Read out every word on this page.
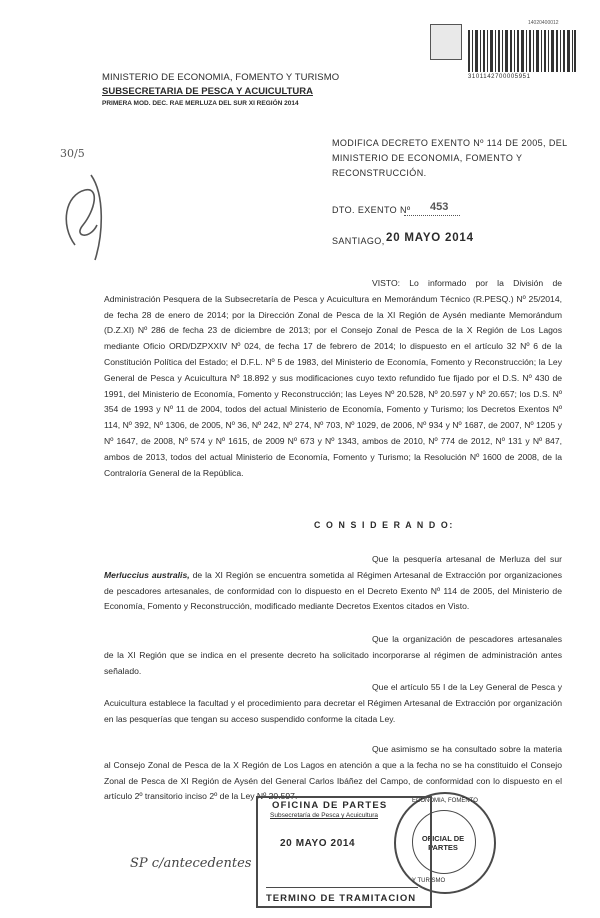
14020400012
3101142700005951
MINISTERIO DE ECONOMIA, FOMENTO Y TURISMO
SUBSECRETARIA DE PESCA Y ACUICULTURA
PRIMERA MOD. DEC. RAE MERLUZA DEL SUR XI REGIÓN 2014
30/5
MODIFICA DECRETO EXENTO Nº 114 DE 2005, DEL MINISTERIO DE ECONOMIA, FOMENTO Y RECONSTRUCCIÓN.
DTO. EXENTO Nº 453
SANTIAGO, 20 MAYO 2014
VISTO: Lo informado por la División de Administración Pesquera de la Subsecretaría de Pesca y Acuicultura en Memorándum Técnico (R.PESQ.) Nº 25/2014, de fecha 28 de enero de 2014; por la Dirección Zonal de Pesca de la XI Región de Aysén mediante Memorándum (D.Z.XI) Nº 286 de fecha 23 de diciembre de 2013; por el Consejo Zonal de Pesca de la X Región de Los Lagos mediante Oficio ORD/DZPXXIV Nº 024, de fecha 17 de febrero de 2014; lo dispuesto en el artículo 32 Nº 6 de la Constitución Política del Estado; el D.F.L. Nº 5 de 1983, del Ministerio de Economía, Fomento y Reconstrucción; la Ley General de Pesca y Acuicultura Nº 18.892 y sus modificaciones cuyo texto refundido fue fijado por el D.S. Nº 430 de 1991, del Ministerio de Economía, Fomento y Reconstrucción; las Leyes Nº 20.528, Nº 20.597 y Nº 20.657; los D.S. Nº 354 de 1993 y Nº 11 de 2004, todos del actual Ministerio de Economía, Fomento y Turismo; los Decretos Exentos Nº 114, Nº 392, Nº 1306, de 2005, Nº 36, Nº 242, Nº 274, Nº 703, Nº 1029, de 2006, Nº 934 y Nº 1687, de 2007, Nº 1205 y Nº 1647, de 2008, Nº 574 y Nº 1615, de 2009 Nº 673 y Nº 1343, ambos de 2010, Nº 774 de 2012, Nº 131 y Nº 847, ambos de 2013, todos del actual Ministerio de Economía, Fomento y Turismo; la Resolución Nº 1600 de 2008, de la Contraloría General de la República.
C O N S I D E R A N D O:
Que la pesquería artesanal de Merluza del sur Merluccius australis, de la XI Región se encuentra sometida al Régimen Artesanal de Extracción por organizaciones de pescadores artesanales, de conformidad con lo dispuesto en el Decreto Exento Nº 114 de 2005, del Ministerio de Economía, Fomento y Reconstrucción, modificado mediante Decretos Exentos citados en Visto.
Que la organización de pescadores artesanales de la XI Región que se indica en el presente decreto ha solicitado incorporarse al régimen de administración antes señalado.
Que el artículo 55 I de la Ley General de Pesca y Acuicultura establece la facultad y el procedimiento para decretar el Régimen Artesanal de Extracción por organización en las pesquerías que tengan su acceso suspendido conforme la citada Ley.
Que asimismo se ha consultado sobre la materia al Consejo Zonal de Pesca de la X Región de Los Lagos en atención a que a la fecha no se ha constituido el Consejo Zonal de Pesca de XI Región de Aysén del General Carlos Ibáñez del Campo, de conformidad con lo dispuesto en el artículo 2º transitorio inciso 2º de la Ley Nº 20.597.	ECONOMIA, FOMENTO
OFICIAL DE PARTES
Y TURISMO
OFICINA DE PARTES
Subsecretaría de Pesca y Acuicultura
20 MAYO 2014
TERMINO DE TRAMITACION
SP c/antecedentes
